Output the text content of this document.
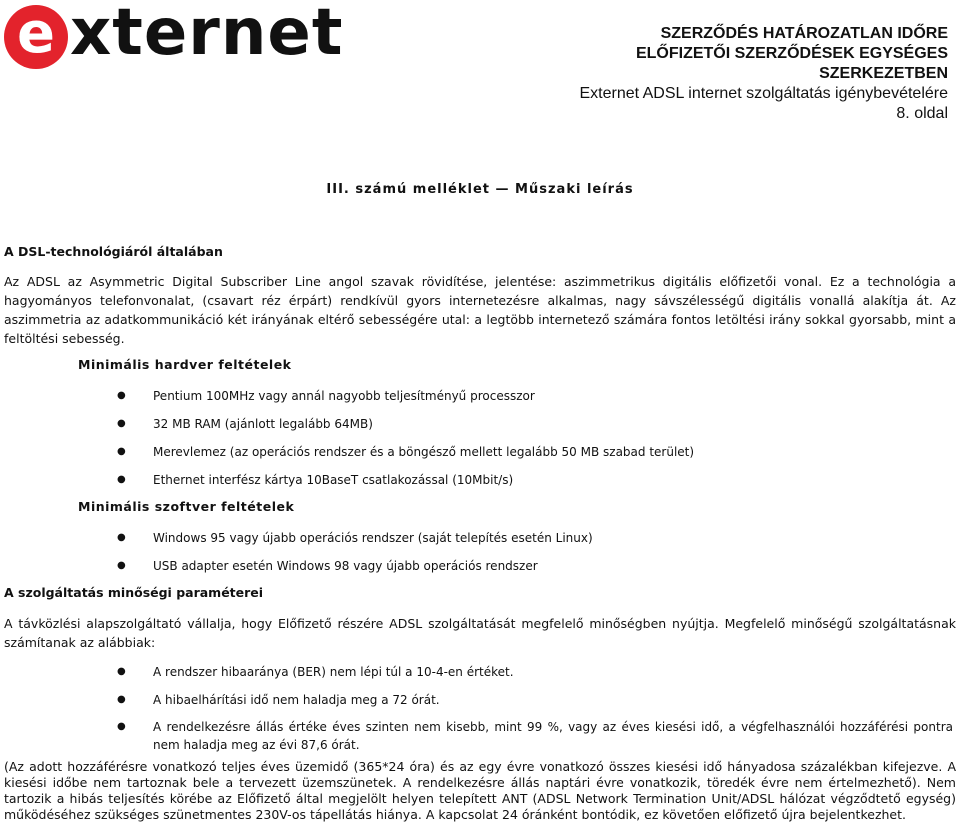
e xternet	SZERZŐDÉS HATÁROZATLAN IDŐRE
ELŐFIZETŐI SZERZŐDÉSEK EGYSÉGES
SZERKEZETBEN
Externet ADSL internet szolgáltatás igénybevételére
8. oldal
III. számú melléklet — Műszaki leírás
A DSL-technológiáról általában

Az ADSL az Asymmetric Digital Subscriber Line angol szavak rövidítése, jelentése: aszimmetrikus digitális előfizetői vonal. Ez a technológia a hagyományos telefonvonalat, (csavart réz érpárt) rendkívül gyors internetezésre alkalmas, nagy sávszélességű digitális vonallá alakítja át. Az aszimmetria az adatkommunikáció két irányának eltérő sebességére utal: a legtöbb internetező számára fontos letöltési irány sokkal gyorsabb, mint a feltöltési sebesség.

Minimális hardver feltételek
● Pentium 100MHz vagy annál nagyobb teljesítményű processzor
● 32 MB RAM (ajánlott legalább 64MB)
● Merevlemez (az operációs rendszer és a böngésző mellett legalább 50 MB szabad terület)
● Ethernet interfész kártya 10BaseT csatlakozással (10Mbit/s)
Minimális szoftver feltételek
● Windows 95 vagy újabb operációs rendszer (saját telepítés esetén Linux)
● USB adapter esetén Windows 98 vagy újabb operációs rendszer
A szolgáltatás minőségi paraméterei

A távközlési alapszolgáltató vállalja, hogy Előfizető részére ADSL szolgáltatását megfelelő minőségben nyújtja. Megfelelő minőségű szolgáltatásnak számítanak az alábbiak:

● A rendszer hibaaránya (BER) nem lépi túl a 10-4-en értéket.
● A hibaelhárítási idő nem haladja meg a 72 órát.
● A rendelkezésre állás értéke éves szinten nem kisebb, mint 99 %, vagy az éves kiesési idő, a végfelhasználói hozzáférési pontra nem haladja meg az évi 87,6 órát.

(Az adott hozzáférésre vonatkozó teljes éves üzemidő (365*24 óra) és az egy évre vonatkozó összes kiesési idő hányadosa százalékban kifejezve. A kiesési időbe nem tartoznak bele a tervezett üzemszünetek. A rendelkezésre állás naptári évre vonatkozik, töredék évre nem értelmezhető). Nem tartozik a hibás teljesítés körébe az Előfizető által megjelölt helyen telepített ANT (ADSL Network Termination Unit/ADSL hálózat végződtető egység) működéséhez szükséges szünetmentes 230V-os tápellátás hiánya. A kapcsolat 24 óránként bontódik, ez követően előfizető újra bejelentkezhet.
